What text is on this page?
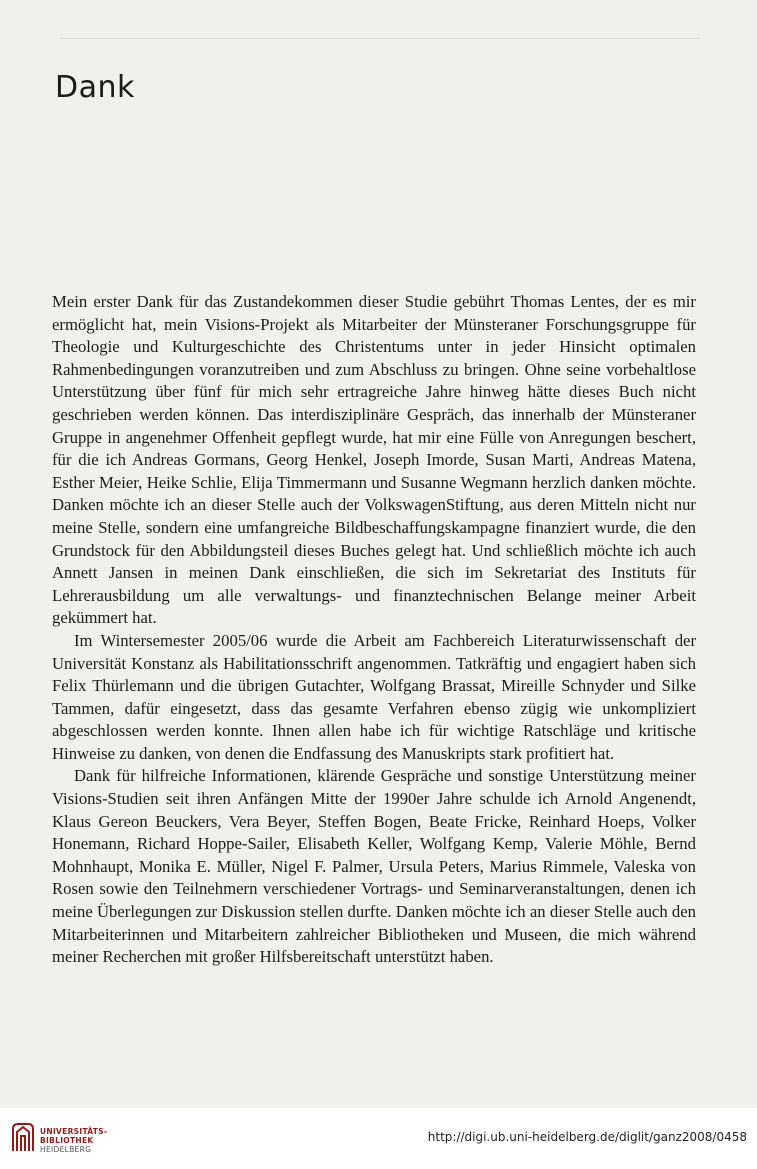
Dank

Mein erster Dank für das Zustandekommen dieser Studie gebührt Thomas Lentes, der es mir ermöglicht hat, mein Visions-Projekt als Mitarbeiter der Münsteraner Forschungsgruppe für Theologie und Kulturgeschichte des Christentums unter in jeder Hinsicht optimalen Rahmenbedingungen voranzutreiben und zum Abschluss zu bringen. Ohne seine vorbehaltlose Unterstützung über fünf für mich sehr ertragreiche Jahre hinweg hätte dieses Buch nicht geschrieben werden können. Das interdisziplinäre Gespräch, das innerhalb der Münsteraner Gruppe in angenehmer Offenheit gepflegt wurde, hat mir eine Fülle von Anregungen beschert, für die ich Andreas Gormans, Georg Henkel, Joseph Imorde, Susan Marti, Andreas Matena, Esther Meier, Heike Schlie, Elija Timmermann und Susanne Wegmann herzlich danken möchte. Danken möchte ich an dieser Stelle auch der VolkswagenStiftung, aus deren Mitteln nicht nur meine Stelle, sondern eine umfangreiche Bildbeschaffungskampagne finanziert wurde, die den Grundstock für den Abbildungsteil dieses Buches gelegt hat. Und schließlich möchte ich auch Annett Jansen in meinen Dank einschließen, die sich im Sekretariat des Instituts für Lehrerausbildung um alle verwaltungs- und finanztechnischen Belange meiner Arbeit gekümmert hat.

Im Wintersemester 2005/06 wurde die Arbeit am Fachbereich Literaturwissenschaft der Universität Konstanz als Habilitationsschrift angenommen. Tatkräftig und engagiert haben sich Felix Thürlemann und die übrigen Gutachter, Wolfgang Brassat, Mireille Schnyder und Silke Tammen, dafür eingesetzt, dass das gesamte Verfahren ebenso zügig wie unkompliziert abgeschlossen werden konnte. Ihnen allen habe ich für wichtige Ratschläge und kritische Hinweise zu danken, von denen die Endfassung des Manuskripts stark profitiert hat.

Dank für hilfreiche Informationen, klärende Gespräche und sonstige Unterstützung meiner Visions-Studien seit ihren Anfängen Mitte der 1990er Jahre schulde ich Arnold Angenendt, Klaus Gereon Beuckers, Vera Beyer, Steffen Bogen, Beate Fricke, Reinhard Hoeps, Volker Honemann, Richard Hoppe-Sailer, Elisabeth Keller, Wolfgang Kemp, Valerie Möhle, Bernd Mohnhaupt, Monika E. Müller, Nigel F. Palmer, Ursula Peters, Marius Rimmele, Valeska von Rosen sowie den Teilnehmern verschiedener Vortrags- und Seminarveranstaltungen, denen ich meine Überlegungen zur Diskussion stellen durfte. Danken möchte ich an dieser Stelle auch den Mitarbeiterinnen und Mitarbeitern zahlreicher Bibliotheken und Museen, die mich während meiner Recherchen mit großer Hilfsbereitschaft unterstützt haben.

UNIVERSITÄTS-
BIBLIOTHEK
HEIDELBERG
http://digi.ub.uni-heidelberg.de/diglit/ganz2008/0458
